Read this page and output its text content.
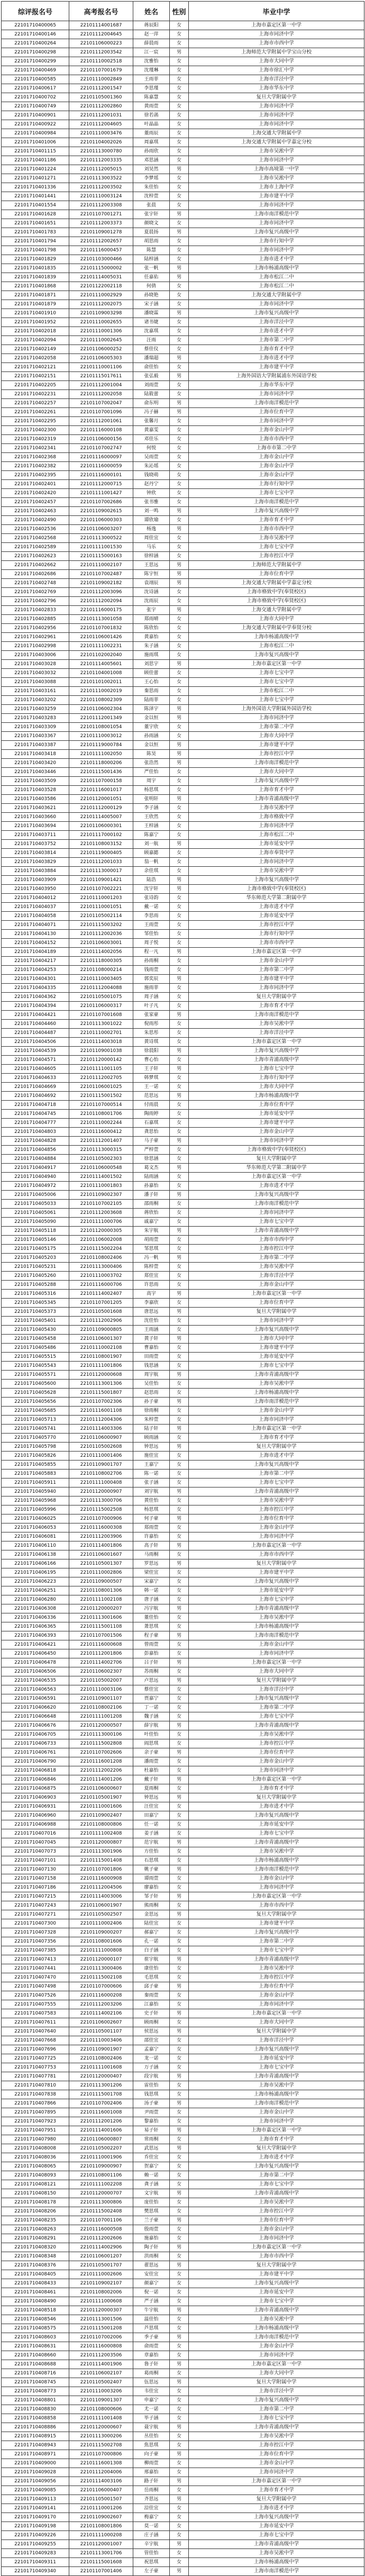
综评报名号	高考报名号	姓名	性别	毕业中学
22101710400065	22101114001687	蒋辰阳	女	上海市嘉定区第一中学
22101710400146	22101112004645	赵一萍	女	上海市同济中学
22101710400264	22101106000223	薛晨雨	女	上海市市西中学
22101710400298	22101112003542	江一宸	男	上海师范大学附属中学宝山分校
22101710400299	22101110002518	沈雅怡	女	上海市大同中学
22101710400469	22101107001679	沈瑾琳	女	上海市徐汇中学
22101710400585	22101110002849	王雨菲	女	上海市洋泾中学
22101710400617	22101112001547	李思瑾	女	上海市华东中学
22101710400702	22101105001360	陈嘉慧	女	复旦大学附属中学
22101710400749	22101112002860	黄雨萱	女	上海市同济中学
22101710400901	22101112001031	徐若菡	女	上海市同济中学
22101710400922	22101112004605	叶晶晶	女	上海市同济中学
22101710400984	22101110003476	董雨辰	女	上海交通大学附属中学
22101710401006	22101104002026	周嘉琪	女	上海交通大学附属中学嘉定分校
22101710401115	22101113000780	孙雨欣	女	上海市吴淞中学
22101710401186	22101112003335	邓思涵	女	上海市同济中学
22101710401224	22101112005015	刘昊然	男	上海市高境第一中学
22101710401271	22101113003522	李梦瑶	女	上海市吴淞中学
22101710401336	22101112003502	朱佳怡	女	上海市上海中学
22101710401441	22101110003124	沈梓萱	女	上海市建平中学
22101710401554	22101112003308	张晨	女	上海市同济中学
22101710401628	22101107001271	张宇轩	男	上海市南洋模范中学
22101710401651	22101112003373	颜晓文	女	上海市同济中学
22101710401783	22101109001278	夏晨扬	男	上海市复兴高级中学
22101710401794	22101112002657	胡思雨	女	上海市行知中学
22101710401798	22101116000457	陈慧	女	上海市同济中学
22101710401829	22101103000466	陆梓涵	女	上海市进才中学
22101710401835	22101115000002	张一帆	男	上海市杨浦高级中学
22101710401839	22101114005031	任嘉佑	男	上海市松江二中
22101710401868	22101122002118	何倩	女	上海市松江二中
22101710401871	22101110002929	孙晓艳	女	上海交通大学附属中学
22101710401879	22101112002075	宋子涵	女	上海市同济中学
22101710401910	22101109003298	潘晓霖	男	上海市复兴高级中学
22101710401952	22101110002655	诸书婕	女	上海市洋泾中学
22101710402018	22101110001306	沈嘉琪	女	上海市进才中学
22101710402094	22101110002645	汪雨	女	上海市第二中学
22101710402149	22101106000252	蔡佳仪	女	上海市育才中学
22101710402058	22101106005303	潘瑞超	男	上海市进才中学
22101710402121	22101110001106	俞佳怡	女	上海市建平中学
22101710402151	22101115017611	张弘毅	男	上海外国语大学附属浦东外国语学校
22101710402205	22101112001004	刘雨萱	女	上海市华东中学
22101710402231	22101112002058	陆筱蕾	女	上海市同济中学
22101710402257	22101107002047	俞东明	男	上海市南洋模范中学
22101710402261	22101107001096	冯子赫	男	上海市位育中学
22101710402295	22101112001061	张馨月	女	上海市同济中学
22101710402300	22101116000108	黄嘉雯	女	上海市金山中学
22101710402319	22101106000156	邓佳乐	女	上海市市西中学
22101710402341	22101107002747	何悦	女	上海市市第二中学
22101710402368	22101116000097	吴雨萱	女	上海市金山中学
22101710402382	22101116000059	朱沁瑶	女	上海市金山中学
22101710402395	22101116000101	钱晓萌	女	上海市金山中学
22101710402401	22101112000715	赵丹宁	女	上海市行知中学
22101710402420	22101111001427	钟欣	女	上海市七宝中学
22101710402457	22101107002686	张书雅	女	上海市南洋模范中学
22101710402463	22101109002615	刘一鸣	男	上海市复兴高级中学
22101710402490	22101106000303	谭欣瑜	女	上海市育才中学
22101710402536	22101106003207	杨逸	男	上海市市西中学
22101710402568	22101113000522	周佳宜	女	上海市吴淞中学
22101710402589	22101111001530	马乐	女	上海市七宝中学
22101710402623	22101115000163	徐梓涵	女	上海市控江中学
22101710402662	22101110002107	王思远	男	上海师范大学附属中学
22101710402686	22101107002487	陈宇恒	男	上海市位育中学
22101710402748	22101109002182	袁翊辰	男	上海交通大学附属中学嘉定分校
22101710402769	22101112003096	沈诗涵	女	上海市格致中学(奉贤校区)
22101710402796	22101112002094	沈雨辰	女	上海市格致中学(奉贤校区)
22101710402833	22101116000175	张宇	男	上海交通大学附属中学
22101710402885	22101113001058	郑雨晴	女	上海市大同中学
22101710402956	22101107001832	陈欣怡	女	上海交通大学附属中学奉贤分校
22101710402961	22101106001426	黄嘉怡	女	上海市杨浦高级中学
22101710402998	22101111002231	朱子涵	女	上海市松江二中
22101710403006	22101102002040	施雨琪	女	上海市复兴高级中学
22101710403028	22101114005601	刘思宇	男	上海市嘉定区第一中学
22101710403032	22101104001008	顾佳蕾	女	上海市七宝中学
22101710403088	22101101002011	王心怡	女	上海市七宝中学
22101710403161	22101110002019	秦思雨	女	上海市松江二中
22101710403202	22101108002309	陆雨菲	女	上海市七宝中学
22101710403259	22101106002304	陈泽宇	男	上海外国语大学附属外国语学校
22101710403283	22101112001349	金以恒	男	上海市同济中学
22101710403309	22101108001054	董宇欣	女	上海市第二中学
22101710403367	22101110003012	孙雨涵	女	上海市大同中学
22101710403387	22101119000784	金以恒	男	上海市建平中学
22101710403418	22101111002050	陈昊	男	上海市控江中学
22101710403420	22101118000206	张浩然	男	上海市南洋模范中学
22101710403446	22101115001436	严佳怡	女	上海市大同中学
22101710403509	22101107000158	周宇	女	上海市复兴高级中学
22101710403528	22101116001017	杨思琪	女	上海市育才中学
22101710403586	22101120001051	张明轩	男	上海市青浦高级中学
22101710403621	22101112000129	李子涵	女	上海市吴淞中学
22101710403660	22101114005007	王欣然	女	上海市格致中学
22101710403694	22101106000301	王梓涵	女	上海市同济中学
22101710403711	22101117000102	陈嘉宁	女	上海市松江二中
22101710403752	22101108003152	刘一航	男	上海市延安中学
22101710403814	22101119000405	顾嘉懿	女	上海市奉贤中学
22101710403829	22101112001033	翁一帆	女	上海市同济中学
22101710403884	22101113000017	余佳琪	女	上海市吴淞中学
22101710403909	22101109001421	陆浩	男	上海市复兴高级中学
22101710403950	22101107002221	沈宇轩	男	上海市格致中学(奉贤校区)
22101710404012	22101110001203	张诗韵	女	华东师范大学第二附属中学
22101710404037	22101110001051	戴一诺	女	上海市进才中学
22101710404058	22101105002114	李思雨	女	上海市延安中学
22101710404071	22101115003202	王雨萱	女	上海市控江中学
22101710404130	22101112002036	邹佳怡	女	上海市行知中学
22101710404152	22101106003001	周子悦	女	上海市市西中学
22101710404189	22101114002056	程一凡	男	上海市嘉定区第一中学
22101710404217	22101118000305	孙雨桐	女	上海市金山中学
22101710404253	22101108000214	钱雨萱	女	上海市第二中学
22101710404301	22101110003405	郭奕辰	男	上海市建平中学
22101710404335	22101112004088	施雨菲	女	上海市同济中学
22101710404362	22101105001075	周子涵	女	复旦大学附属中学
22101710404394	22101106000317	叶子凡	女	上海市育才中学
22101710404421	22101107001608	张家豪	男	上海市南洋模范中学
22101710404460	22101113001022	倪雨彤	女	上海市吴淞中学
22101710404487	22101110002701	朱思彤	女	上海市洋泾中学
22101710404506	22101114003018	黄诗琪	女	上海市嘉定区第一中学
22101710404539	22101109001038	徐晨阳	男	上海市复兴高级中学
22101710404571	22101120000142	曹心怡	女	上海市青浦高级中学
22101710404605	22101111001105	王子轩	男	上海市七宝中学
22101710404633	22101112002705	韩梦琪	女	上海市行知中学
22101710404669	22101106001025	王一诺	女	上海市大同中学
22101710404692	22101115001502	范思远	男	上海市杨浦高级中学
22101710404718	22101107000514	付雨晨	女	上海市位育中学
22101710404745	22101108001706	陶雨婷	女	上海市延安中学
22101710404777	22101110002244	石嘉琪	女	上海市建平中学
22101710404803	22101116000412	龚思怡	女	上海市金山中学
22101710404828	22101112001407	马子豪	男	上海市同济中学
22101710404856	22101113000315	严梓萱	女	上海市格致中学(奉贤校区)
22101710404884	22101105002303	徐思涵	女	复旦大学附属中学
22101710404917	22101106000548	葛文杰	男	华东师范大学第二附属中学
22101710404940	22101114001502	陆雨涵	女	上海市嘉定区第一中学
22101710404972	22101110001803	孙嘉怡	女	上海市进才中学
22101710405006	22101109002307	潘子轩	男	上海市复兴高级中学
22101710405033	22101107002105	邵雨桐	女	上海市南洋模范中学
22101710405061	22101112003608	蒋欣怡	女	上海市同济中学
22101710405090	22101111000706	戚嘉宁	女	上海市七宝中学
22101710405118	22101120000305	朱宇航	男	上海市青浦高级中学
22101710405146	22101106002008	胡雨萱	女	上海市市西中学
22101710405175	22101115002204	邹思琪	女	上海市控江中学
22101710405203	22101108002406	冯一帆	男	上海市第二中学
22101710405231	22101113000406	陈梓萱	女	上海市吴淞中学
22101710405260	22101110003702	郑佳宜	女	上海市洋泾中学
22101710405288	22101116000706	许思雨	女	上海市金山中学
22101710405316	22101114002407	高宇	男	上海市嘉定区第一中学
22101710405345	22101107001205	李嘉欣	女	上海市位育中学
22101710405373	22101105001608	唐思远	男	复旦大学附属中学
22101710405401	22101112002906	沈佳怡	女	上海市同济中学
22101710405430	22101109000805	王雨涵	女	上海市复兴高级中学
22101710405458	22101106001307	黄子轩	男	上海市大同中学
22101710405486	22101110002108	曹嘉怡	女	上海市建平中学
22101710405515	22101108001907	田雨萱	女	上海市延安中学
22101710405543	22101111001806	钱思涵	女	上海市七宝中学
22101710405571	22101120000608	周宇航	男	上海市青浦高级中学
22101710405600	22101113001306	吴佳怡	女	上海市吴淞中学
22101710405628	22101115001807	赵思雨	女	上海市杨浦高级中学
22101710405656	22101107002306	孙子豪	男	上海市南洋模范中学
22101710405685	22101116001108	徐雨桐	女	上海市金山中学
22101710405713	22101112004306	朱梓萱	女	上海市同济中学
22101710405741	22101114003306	陆子轩	男	上海市嘉定区第一中学
22101710405770	22101106000907	顾雨涵	女	上海市育才中学
22101710405798	22101105002608	钟思远	男	复旦大学附属中学
22101710405826	22101110001406	施佳宜	女	上海市进才中学
22101710405855	22101109001707	王嘉宁	女	上海市复兴高级中学
22101710405883	22101108002706	陈一诺	女	上海市第二中学
22101710405911	22101111000408	张子涵	女	上海市七宝中学
22101710405940	22101120000907	刘宇航	男	上海市青浦高级中学
22101710405968	22101113000706	黄佳怡	女	上海市吴淞中学
22101710405996	22101115002508	杨思琪	女	上海市控江中学
22101710406025	22101107000906	何子豪	男	上海市位育中学
22101710406053	22101116000308	郑雨萱	女	上海市金山中学
22101710406081	22101112003906	许嘉怡	女	上海市同济中学
22101710406110	22101114001806	高子轩	男	上海市嘉定区第一中学
22101710406138	22101106001607	马雨桐	女	上海市市西中学
22101710406166	22101105001307	罗思远	男	复旦大学附属中学
22101710406195	22101110002806	梁佳宜	女	上海市建平中学
22101710406223	22101109000507	宋嘉宁	女	上海市复兴高级中学
22101710406251	22101108001306	韩一诺	女	上海市延安中学
22101710406280	22101111002108	唐子涵	女	上海市七宝中学
22101710406308	22101120000207	冯宇航	男	上海市青浦高级中学
22101710406336	22101113001606	董佳怡	女	上海市吴淞中学
22101710406365	22101115001108	萧思琪	女	上海市杨浦高级中学
22101710406393	22101107001506	程子豪	男	上海市南洋模范中学
22101710406421	22101116000608	曾雨萱	女	上海市金山中学
22101710406450	22101112001806	彭嘉怡	女	上海市同济中学
22101710406478	22101114002706	吕子轩	男	上海市嘉定区第一中学
22101710406506	22101106002307	苏雨桐	女	上海市大同中学
22101710406535	22101105002007	卢思远	男	复旦大学附属中学
22101710406563	22101110003106	蔡佳宜	女	上海市洋泾中学
22101710406591	22101109001107	贾嘉宁	女	上海市复兴高级中学
22101710406620	22101108002106	丁一诺	女	上海市第二中学
22101710406648	22101111001208	魏子涵	女	上海市七宝中学
22101710406676	22101120000507	薛宇航	男	上海市青浦高级中学
22101710406705	22101113000106	叶佳怡	女	上海市吴淞中学
22101710406733	22101115002808	阎思琪	女	上海市控江中学
22101710406761	22101107002606	余子豪	男	上海市位育中学
22101710406790	22101116001208	潘雨萱	女	上海市金山中学
22101710406818	22101112002206	杜嘉怡	女	上海市同济中学
22101710406846	22101114001206	戴子轩	男	上海市嘉定区第一中学
22101710406875	22101106000607	夏雨桐	女	上海市育才中学
22101710406903	22101105001907	钟思远	男	复旦大学附属中学
22101710406931	22101110001606	汪佳宜	女	上海市进才中学
22101710406960	22101109002407	田嘉宁	女	上海市复兴高级中学
22101710406988	22101108000806	任一诺	女	上海市延安中学
22101710407016	22101111002408	姜子涵	女	上海市七宝中学
22101710407045	22101120000807	范宇航	男	上海市青浦高级中学
22101710407073	22101113001906	方佳怡	女	上海市吴淞中学
22101710407101	22101115001408	石思琪	女	上海市杨浦高级中学
22101710407130	22101107001806	姚子豪	男	上海市南洋模范中学
22101710407158	22101116000908	谭雨萱	女	上海市金山中学
22101710407186	22101112004506	廖嘉怡	女	上海市同济中学
22101710407215	22101114003006	邹子轩	男	上海市嘉定区第一中学
22101710407243	22101106001907	熊雨桐	女	上海市市西中学
22101710407271	22101105002507	金思远	男	复旦大学附属中学
22101710407300	22101110002406	陆佳宜	女	上海市建平中学
22101710407328	22101109000207	郝嘉宁	女	上海市复兴高级中学
22101710407356	22101108001606	孔一诺	女	上海市第二中学
22101710407385	22101111000808	白子涵	女	上海市七宝中学
22101710407413	22101120000107	崔宇航	男	上海市青浦高级中学
22101710407441	22101113000406	康佳怡	女	上海市吴淞中学
22101710407470	22101115002108	毛思琪	女	上海市控江中学
22101710407498	22101107000606	邱子豪	男	上海市位育中学
22101710407526	22101116000208	秦雨萱	女	上海市金山中学
22101710407555	22101112003206	江嘉怡	女	上海市同济中学
22101710407583	22101114002106	史子轩	男	上海市嘉定区第一中学
22101710407611	22101106002607	顾雨桐	女	上海市大同中学
22101710407640	22101105001107	侯思远	男	复旦大学附属中学
22101710407668	22101110003406	邵佳宜	女	上海市洋泾中学
22101710407696	22101109001907	孟嘉宁	女	上海市复兴高级中学
22101710407725	22101108002406	龙一诺	女	上海市延安中学
22101710407753	22101111001608	万子涵	女	上海市七宝中学
22101710407781	22101120000407	段宇航	男	上海市青浦高级中学
22101710407810	22101113001206	雷佳怡	女	上海市吴淞中学
22101710407838	22101115001708	钱思琪	女	上海市杨浦高级中学
22101710407866	22101107002406	汤子豪	男	上海市南洋模范中学
22101710407895	22101116001008	尹雨萱	女	上海市金山中学
22101710407923	22101112001206	黎嘉怡	女	上海市同济中学
22101710407951	22101114001606	易子轩	男	上海市嘉定区第一中学
22101710407980	22101106000807	常雨桐	女	上海市育才中学
22101710408008	22101105002207	武思远	男	复旦大学附属中学
22101710408036	22101110001906	乔佳宜	女	上海市进才中学
22101710408065	22101109000907	贺嘉宁	女	上海市复兴高级中学
22101710408093	22101108001106	赖一诺	女	上海市第二中学
22101710408121	22101111002208	龚子涵	女	上海市七宝中学
22101710408150	22101120000707	文宇航	男	上海市青浦高级中学
22101710408178	22101113000806	庞佳怡	女	上海市吴淞中学
22101710408206	22101115002408	樊思琪	女	上海市控江中学
22101710408235	22101107001106	兰子豪	男	上海市位育中学
22101710408263	22101116000508	殷雨萱	女	上海市金山中学
22101710408291	22101112002606	施嘉怡	女	上海市同济中学
22101710408320	22101114002906	陶子轩	男	上海市嘉定区第一中学
22101710408348	22101106001207	洪雨桐	女	上海市市西中学
22101710408376	22101105001707	翟思远	男	复旦大学附属中学
22101710408405	22101110002606	安佳宜	女	上海市建平中学
22101710408433	22101109002107	颜嘉宁	女	上海市复兴高级中学
22101710408461	22101108002006	倪一诺	女	上海市延安中学
22101710408490	22101111000608	严子涵	女	上海市七宝中学
22101710408518	22101120000307	牛宇航	男	上海市青浦高级中学
22101710408546	22101113001506	温佳怡	女	上海市吴淞中学
22101710408575	22101115001208	芦思琪	女	上海市杨浦高级中学
22101710408603	22101107002006	季子豪	男	上海市南洋模范中学
22101710408631	22101116000808	俞雨萱	女	上海市金山中学
22101710408660	22101112003506	章嘉怡	女	上海市同济中学
22101710408688	22101114001906	鲁子轩	男	上海市嘉定区第一中学
22101710408716	22101106002107	葛雨桐	女	上海市大同中学
22101710408745	22101105002407	伍思远	男	复旦大学附属中学
22101710408773	22101110003206	韦佳宜	女	上海市洋泾中学
22101710408801	22101109001307	申嘉宁	女	上海市复兴高级中学
22101710408830	22101108000606	尤一诺	女	上海市第二中学
22101710408858	22101111001408	毕子涵	女	上海市七宝中学
22101710408886	22101120000607	聂宇航	男	上海市青浦高级中学
22101710408915	22101113000206	丛佳怡	女	上海市吴淞中学
22101710408943	22101115002708	焦思琪	女	上海市控江中学
22101710408971	22101107000806	向子豪	男	上海市位育中学
22101710409000	22101116001308	柳雨萱	女	上海市金山中学
22101710409028	22101112004006	邢嘉怡	女	上海市同济中学
22101710409056	22101114003106	路子轩	男	上海市嘉定区第一中学
22101710409085	22101106000407	岳雨桐	女	上海市育才中学
22101710409113	22101105001507	齐思远	男	复旦大学附属中学
22101710409141	22101110001206	沿佳宜	女	上海市进才中学
22101710409170	22101109002607	梅嘉宁	女	上海市复兴高级中学
22101710409198	22101108001806	莫一诺	女	上海市延安中学
22101710409226	22101111000208	庄子涵	女	上海市七宝中学
22101710409255	22101120001007	辛宇航	男	上海市青浦高级中学
22101710409283	22101113001706	管佳怡	女	上海市吴淞中学
22101710409311	22101115001608	祝思琪	女	上海市杨浦高级中学
22101710409340	22101107001406	左子豪	男	上海市南洋模范中学
